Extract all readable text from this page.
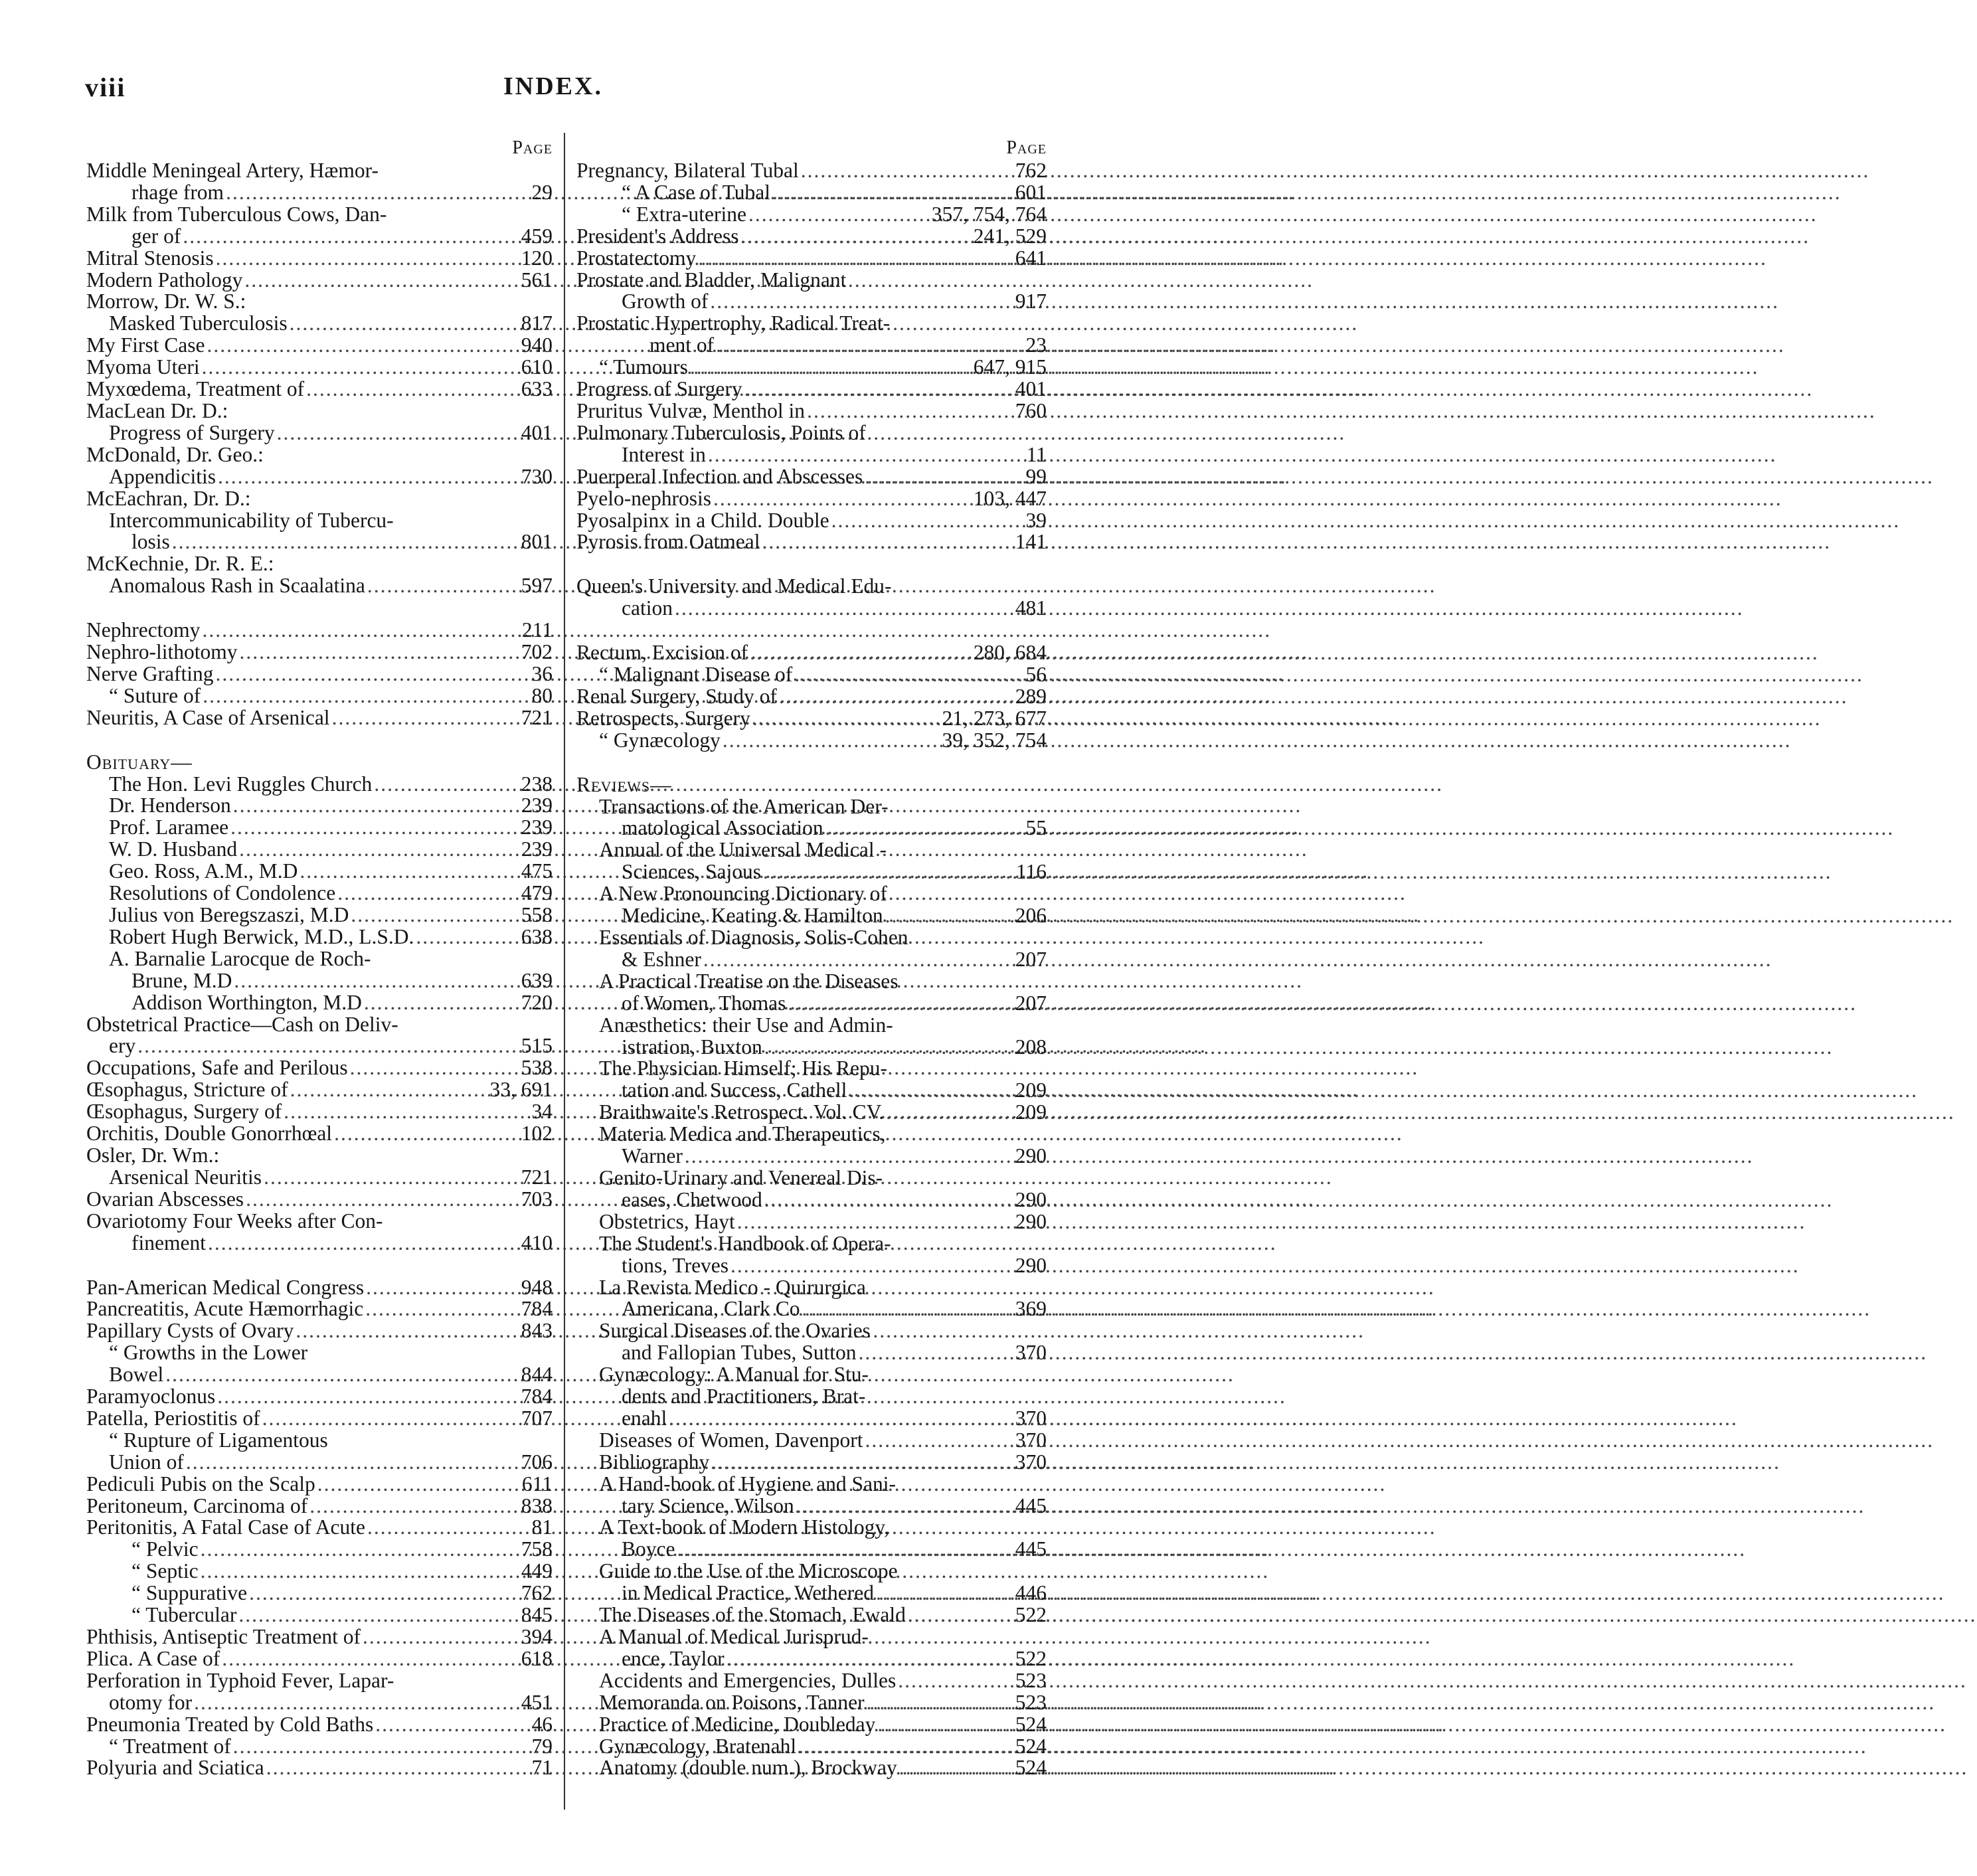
viii	INDEX.
Page
Middle Meningeal Artery, Hæmor-
rhage from .....	29
Milk from Tuberculous Cows, Dan-
ger of .....	459
Mitral Stenosis .....	120
Modern Pathology .....	561
Morrow, Dr. W. S.:
Masked Tuberculosis .....	817
My First Case .....	940
Myoma Uteri .....	610
Myxœdema, Treatment of .....	633
MacLean Dr. D.:
Progress of Surgery .....	401
McDonald, Dr. Geo.:
Appendicitis .....	730
McEachran, Dr. D.:
Intercommunicability of Tubercu-
losis .....	801
McKechnie, Dr. R. E.:
Anomalous Rash in Scaalatina .....	597
Nephrectomy .....	211
Nephro-lithotomy .....	702
Nerve Grafting .....	36
“ Suture of .....	80
Neuritis, A Case of Arsenical .....	721
Obituary—
The Hon. Levi Ruggles Church .....	238
Dr. Henderson .....	239
Prof. Laramee .....	239
W. D. Husband .....	239
Geo. Ross, A.M., M.D .....	475
Resolutions of Condolence .....	479
Julius von Beregszaszi, M.D .....	558
Robert Hugh Berwick, M.D., L.S.D. .....	638
A. Barnalie Larocque de Roch-
Brune, M.D .....	639
Addison Worthington, M.D .....	720
Obstetrical Practice—Cash on Deliv-
ery .....	515
Occupations, Safe and Perilous .....	538
Œsophagus, Stricture of .....	33, 691
Œsophagus, Surgery of .....	34
Orchitis, Double Gonorrhœal .....	102
Osler, Dr. Wm.:
Arsenical Neuritis .....	721
Ovarian Abscesses .....	703
Ovariotomy Four Weeks after Con-
finement .....	410
Pan-American Medical Congress .....	948
Pancreatitis, Acute Hæmorrhagic .....	784
Papillary Cysts of Ovary .....	843
“ Growths in the Lower
Bowel .....	844
Paramyoclonus .....	784
Patella, Periostitis of .....	707
“ Rupture of Ligamentous
Union of .....	706
Pediculi Pubis on the Scalp .....	611
Peritoneum, Carcinoma of .....	838
Peritonitis, A Fatal Case of Acute .....	81
“ Pelvic .....	758
“ Septic .....	449
“ Suppurative .....	762
“ Tubercular .....	845
Phthisis, Antiseptic Treatment of .....	394
Plica. A Case of .....	618
Perforation in Typhoid Fever, Lapar-
otomy for .....	451
Pneumonia Treated by Cold Baths .....	46
“ Treatment of .....	79
Polyuria and Sciatica .....	71
Page
Pregnancy, Bilateral Tubal .....	762
“ A Case of Tubal .....	601
“ Extra-uterine .....	357, 754, 764
President's Address .....	241, 529
Prostatectomy .....	641
Prostate and Bladder, Malignant
Growth of .....	917
Prostatic Hypertrophy, Radical Treat-
ment of .....	23
“ Tumours .....	647, 915
Progress of Surgery .....	401
Pruritus Vulvæ, Menthol in .....	760
Pulmonary Tuberculosis, Points of
Interest in .....	11
Puerperal Infection and Abscesses .....	99
Pyelo-nephrosis .....	103, 447
Pyosalpinx in a Child. Double .....	39
Pyrosis from Oatmeal .....	141
Queen's University and Medical Edu-
cation .....	481
Rectum, Excision of .....	280, 684
“ Malignant Disease of .....	56
Renal Surgery, Study of .....	289
Retrospects, Surgery .....	21, 273, 677
“ Gynæcology .....	39, 352, 754
Reviews—
Transactions of the American Der-
matological Association .....	55
Annual of the Universal Medical -
Sciences, Sajous .....	116
A New Pronouncing Dictionary of
Medicine, Keating & Hamilton .....	206
Essentials of Diagnosis, Solis-Cohen
& Eshner .....	207
A Practical Treatise on the Diseases
of Women, Thomas .....	207
Anæsthetics: their Use and Admin-
istration, Buxton .....	208
The Physician Himself; His Repu-
tation and Success, Cathell .....	209
Braithwaite's Retrospect. Vol. CV. .....	209
Materia Medica and Therapeutics,
Warner .....	290
Genito-Urinary and Venereal Dis-
eases, Chetwood .....	290
Obstetrics, Hayt .....	290
The Student's Handbook of Opera-
tions, Treves .....	290
La Revista Medico - Quirurgica
Americana, Clark Co .....	369
Surgical Diseases of the Ovaries
and Fallopian Tubes, Sutton .....	370
Gynæcology: A Manual for Stu-
dents and Practitioners, Brat-
enahl .....	370
Diseases of Women, Davenport .....	370
Bibliography .....	370
A Hand-book of Hygiene and Sani-
tary Science, Wilson .....	445
A Text-book of Modern Histology,
Boyce .....	445
Guide to the Use of the Microscope
in Medical Practice, Wethered .....	446
The Diseases of the Stomach, Ewald .....	522
A Manual of Medical Jurisprud-
ence, Taylor .....	522
Accidents and Emergencies, Dulles .....	523
Memoranda on Poisons, Tanner .....	523
Practice of Medicine, Doubleday .....	524
Gynæcology, Bratenahl .....	524
Anatomy (double num.), Brockway .....	524
